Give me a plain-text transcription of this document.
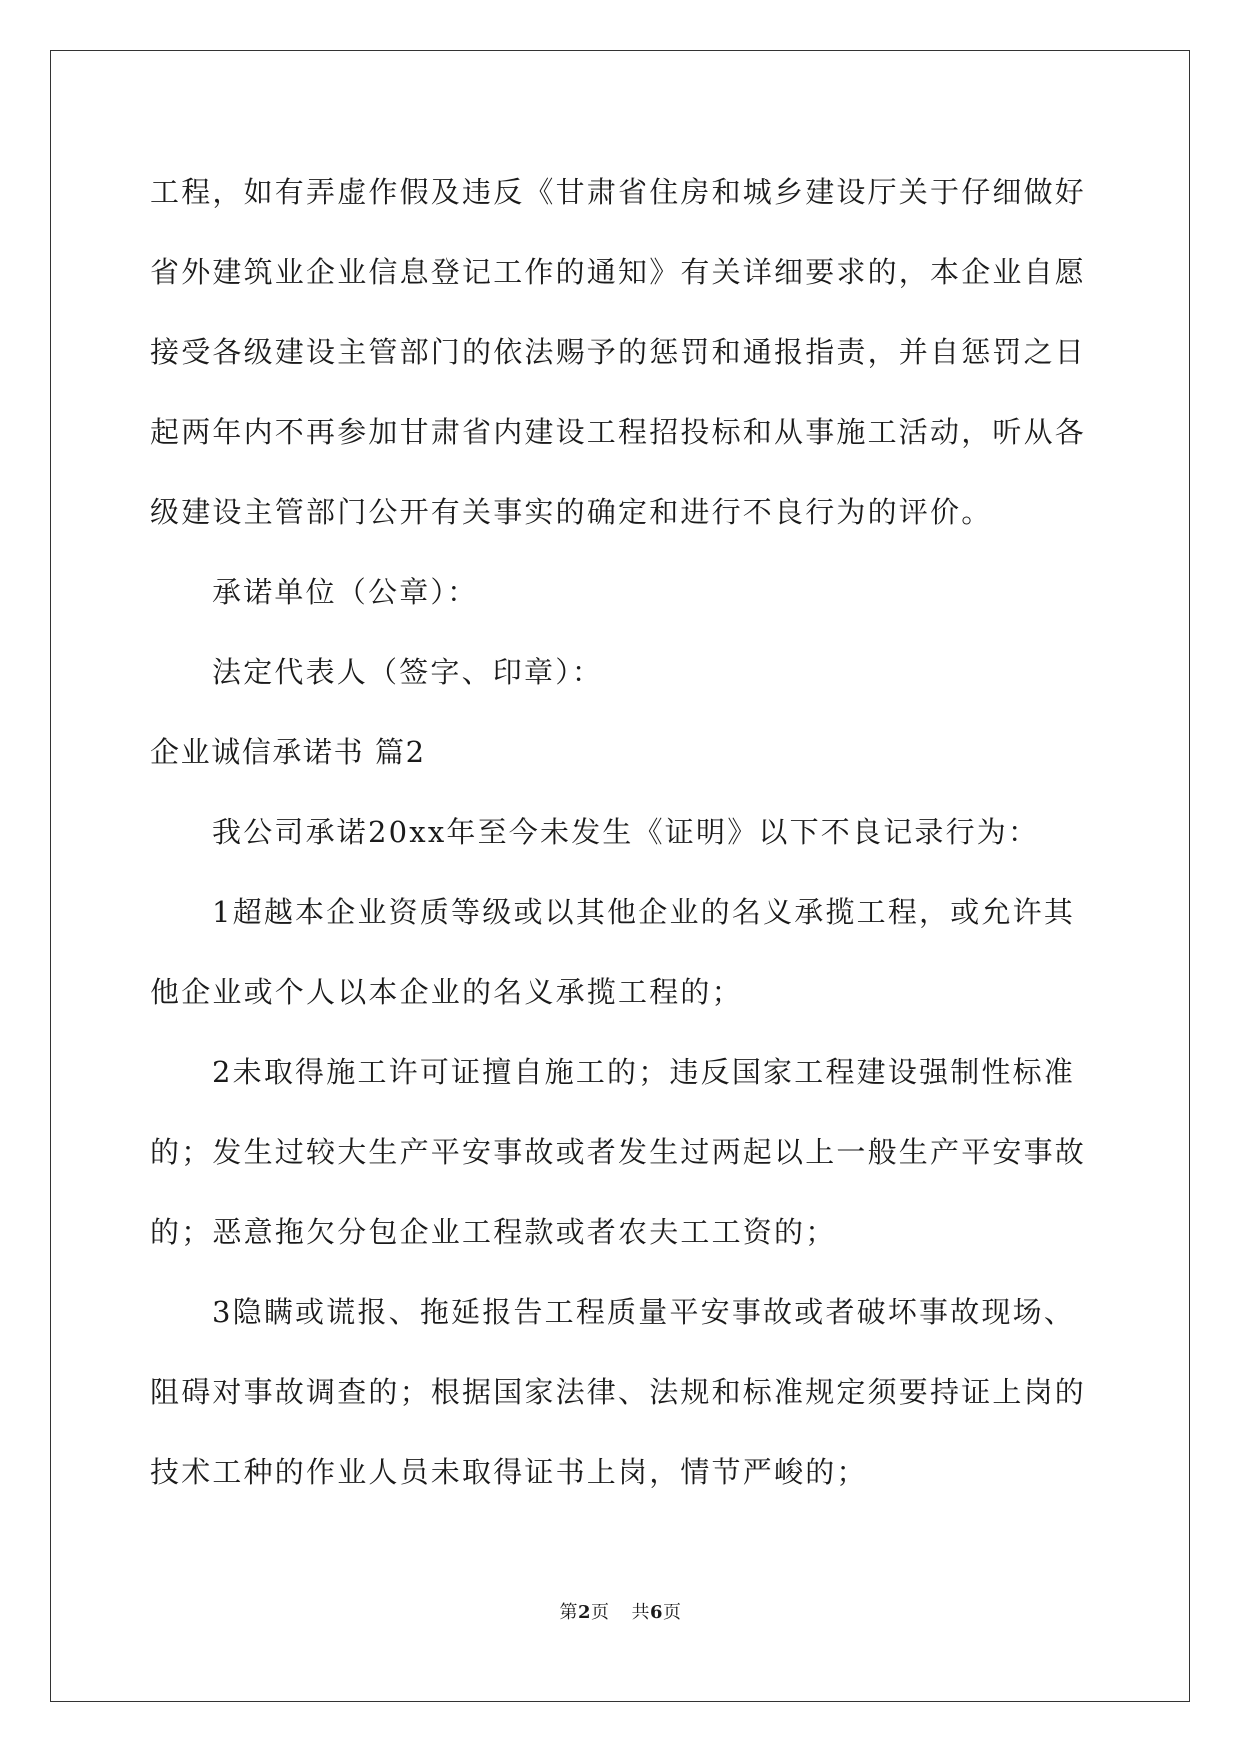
工程，如有弄虚作假及违反《甘肃省住房和城乡建设厅关于仔细做好
省外建筑业企业信息登记工作的通知》有关详细要求的，本企业自愿
接受各级建设主管部门的依法赐予的惩罚和通报指责，并自惩罚之日
起两年内不再参加甘肃省内建设工程招投标和从事施工活动，听从各
级建设主管部门公开有关事实的确定和进行不良行为的评价。
承诺单位（公章）：
法定代表人（签字、印章）：
企业诚信承诺书 篇2
我公司承诺20xx年至今未发生《证明》以下不良记录行为：
1超越本企业资质等级或以其他企业的名义承揽工程，或允许其
他企业或个人以本企业的名义承揽工程的；
2未取得施工许可证擅自施工的；违反国家工程建设强制性标准
的；发生过较大生产平安事故或者发生过两起以上一般生产平安事故
的；恶意拖欠分包企业工程款或者农夫工工资的；
3隐瞒或谎报、拖延报告工程质量平安事故或者破坏事故现场、
阻碍对事故调查的；根据国家法律、法规和标准规定须要持证上岗的
技术工种的作业人员未取得证书上岗，情节严峻的；
第2页 共6页
